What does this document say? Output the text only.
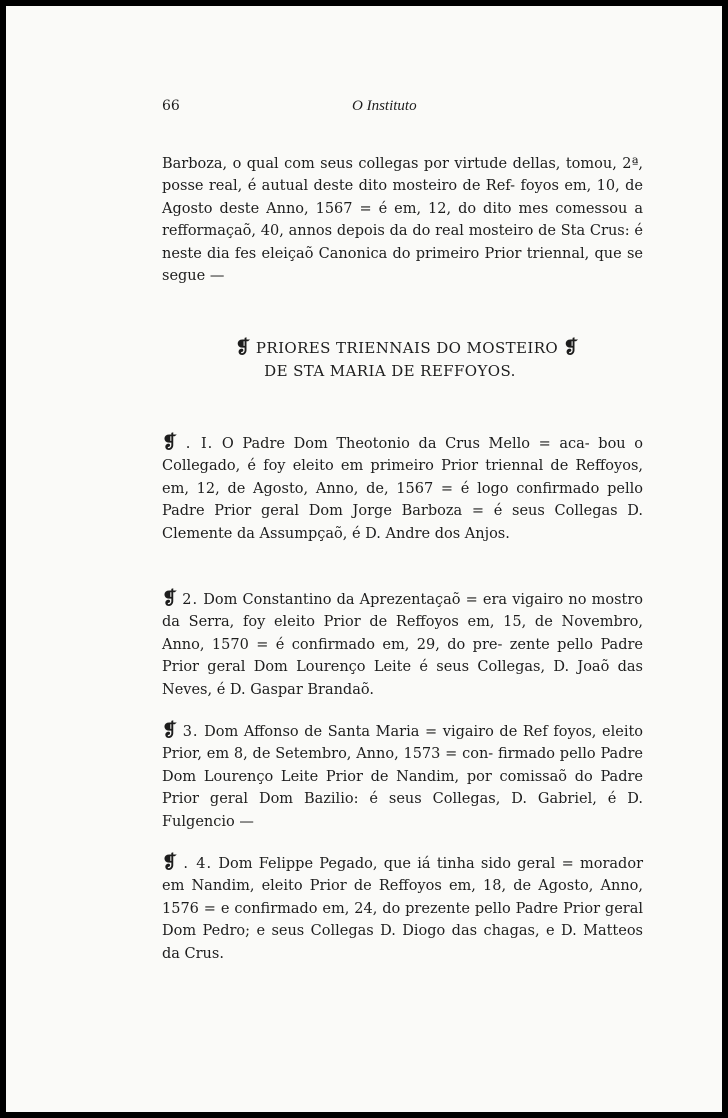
66	O Instituto
Barboza, o qual com seus collegas por virtude dellas, tomou, 2ª, posse real, é autual deste dito mosteiro de Ref- foyos em, 10, de Agosto deste Anno, 1567 = é em, 12, do dito mes comessou a refformaçaõ, 40, annos depois da do real mosteiro de Sta Crus: é neste dia fes eleiçaõ Canonica do primeiro Prior triennal, que se segue —
❡ PRIORES TRIENNAIS DO MOSTEIRO ❡
DE STA MARIA DE REFFOYOS.
❡ . I. O Padre Dom Theotonio da Crus Mello = aca- bou o Collegado, é foy eleito em primeiro Prior triennal de Reffoyos, em, 12, de Agosto, Anno, de, 1567 = é logo confirmado pello Padre Prior geral Dom Jorge Barboza = é seus Collegas D. Clemente da Assumpçaõ, é D. Andre dos Anjos.
❡ 2. Dom Constantino da Aprezentaçaõ = era vigairo no mostro da Serra, foy eleito Prior de Reffoyos em, 15, de Novembro, Anno, 1570 = é confirmado em, 29, do pre- zente pello Padre Prior geral Dom Lourenço Leite é seus Collegas, D. Joaõ das Neves, é D. Gaspar Brandaõ.
❡ 3. Dom Affonso de Santa Maria = vigairo de Ref foyos, eleito Prior, em 8, de Setembro, Anno, 1573 = con- firmado pello Padre Dom Lourenço Leite Prior de Nandim, por comissaõ do Padre Prior geral Dom Bazilio: é seus Collegas, D. Gabriel, é D. Fulgencio —
❡ . 4. Dom Felippe Pegado, que iá tinha sido geral = morador em Nandim, eleito Prior de Reffoyos em, 18, de Agosto, Anno, 1576 = e confirmado em, 24, do prezente pello Padre Prior geral Dom Pedro; e seus Collegas D. Diogo das chagas, e D. Matteos da Crus.
